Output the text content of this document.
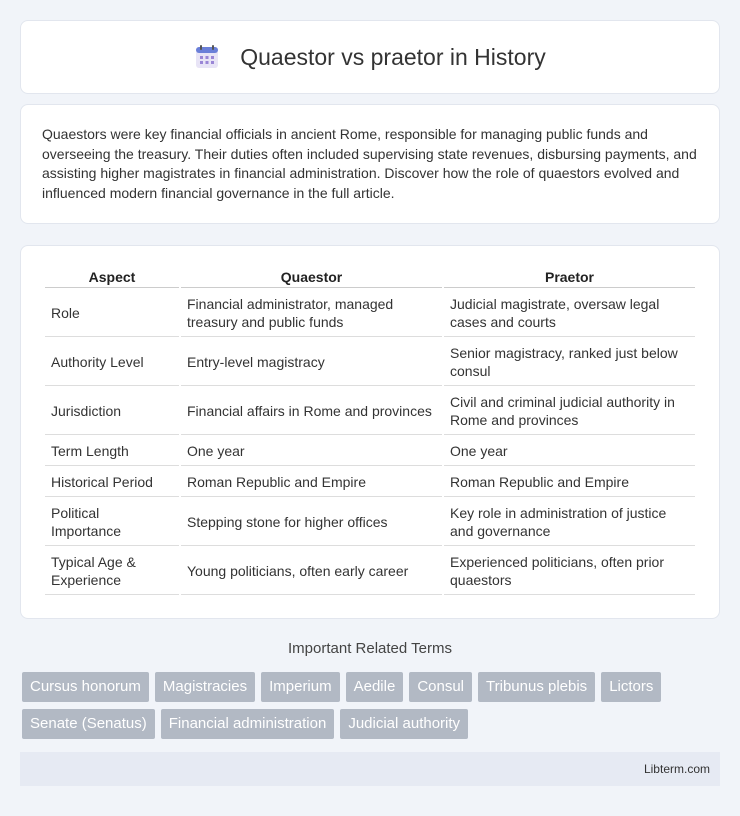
Quaestor vs praetor in History

Quaestors were key financial officials in ancient Rome, responsible for managing public funds and overseeing the treasury. Their duties often included supervising state revenues, disbursing payments, and assisting higher magistrates in financial administration. Discover how the role of quaestors evolved and influenced modern financial governance in the full article.

Aspect	Quaestor	Praetor
Role	Financial administrator, managed treasury and public funds	Judicial magistrate, oversaw legal cases and courts
Authority Level	Entry-level magistracy	Senior magistracy, ranked just below consul
Jurisdiction	Financial affairs in Rome and provinces	Civil and criminal judicial authority in Rome and provinces
Term Length	One year	One year
Historical Period	Roman Republic and Empire	Roman Republic and Empire
Political Importance	Stepping stone for higher offices	Key role in administration of justice and governance
Typical Age & Experience	Young politicians, often early career	Experienced politicians, often prior quaestors
Important Related Terms
Cursus honorum	Magistracies	Imperium	Aedile	Consul	Tribunus plebis	Lictors
Senate (Senatus)	Financial administration	Judicial authority
Libterm.com
